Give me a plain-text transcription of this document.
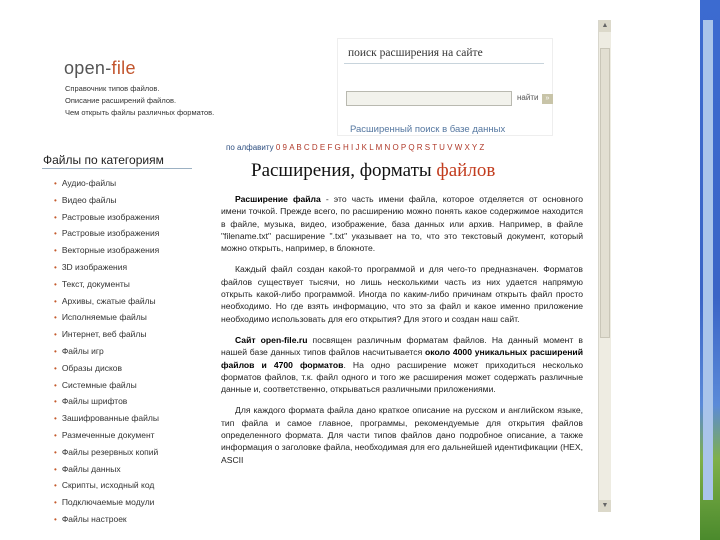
open-file
Справочник типов файлов.
Описание расширений файлов.
Чем открыть файлы различных форматов.
поиск расширения на сайте
найти	»
Расширенный поиск в базе данных
Файлы по категориям
• Аудио-файлы
• Видео файлы
• Растровые изображения
• Растровые изображения
• Векторные изображения
• 3D изображения
• Текст, документы
• Архивы, сжатые файлы
• Исполняемые файлы
• Интернет, веб файлы
• Файлы игр
• Образы дисков
• Системные файлы
• Файлы шрифтов
• Зашифрованные файлы
• Размеченные документ
• Файлы резервных копий
• Файлы данных
• Скрипты, исходный код
• Подключаемые модули
• Файлы настроек
по алфавиту 0 9 A B C D E F G H I J K L M N O P Q R S T U V W X Y Z
Расширения, форматы файлов

Расширение файла - это часть имени файла, которое отделяется от основного имени точкой. Прежде всего, по расширению можно понять какое содержимое находится в файле, музыка, видео, изображение, база данных или архив. Например, в файле "filename.txt" расширение ".txt" указывает на то, что это текстовый документ, который можно открыть, например, в блокноте.

Каждый файл создан какой-то программой и для чего-то предназначен. Форматов файлов существует тысячи, но лишь несколькими часть из них удается напрямую открыть какой-либо программой. Иногда по каким-либо причинам открыть файл просто необходимо. Но где взять информацию, что это за файл и какое именно приложение необходимо использовать для его открытия? Для этого и создан наш сайт.

Сайт open-file.ru посвящен различным форматам файлов. На данный момент в нашей базе данных типов файлов насчитывается около 4000 уникальных расширений файлов и 4700 форматов. На одно расширение может приходиться несколько форматов файлов, т.к. файл одного и того же расширения может содержать различные данные и, соответственно, открываться различными приложениями.

Для каждого формата файла дано краткое описание на русском и английском языке, тип файла и самое главное, программы, рекомендуемые для открытия файлов определенного формата. Для части типов файлов дано подробное описание, а также информация о заголовке файла, необходимая для его дальнейшей идентификации (HEX, ASCII

▲
▼
